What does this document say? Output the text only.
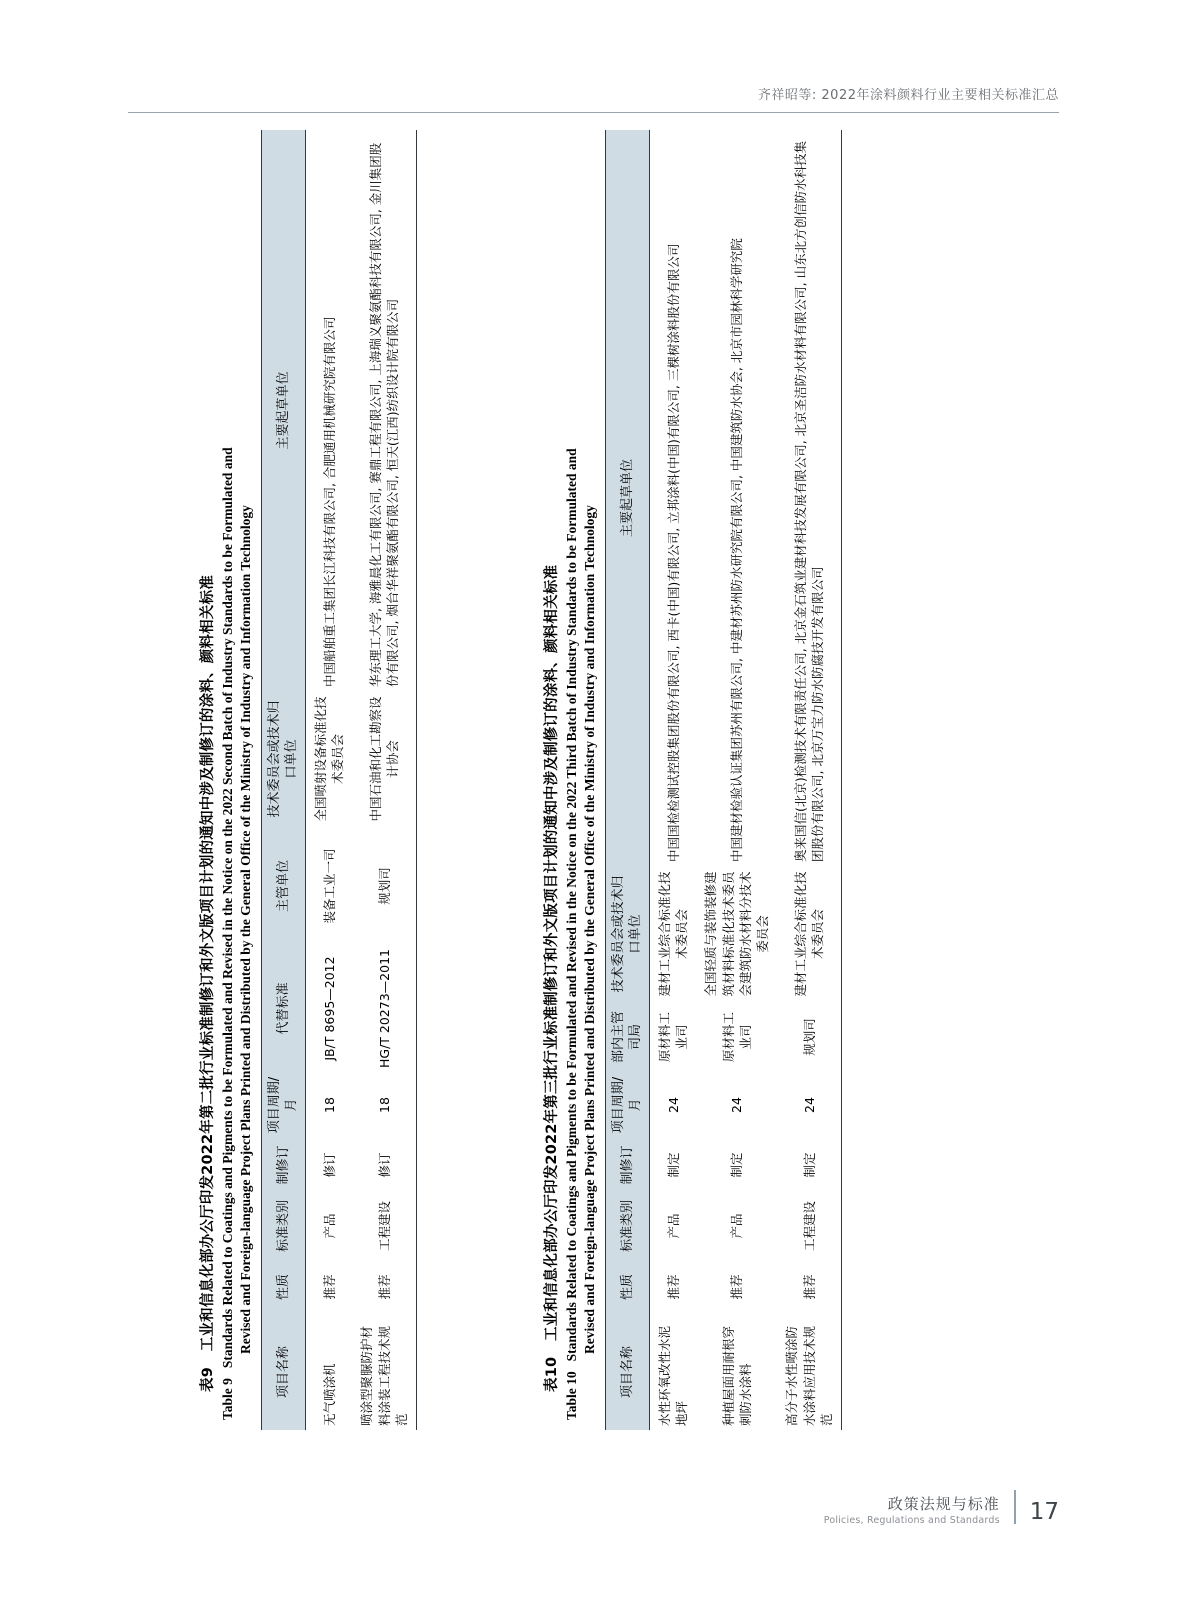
齐祥昭等: 2022年涂料颜料行业主要相关标准汇总
表9   工业和信息化部办公厅印发2022年第二批行业标准制修订和外文版项目计划的通知中涉及制修订的涂料、颜料相关标准
Table 9Standards Related to Coatings and Pigments to be Formulated and Revised in the Notice on the 2022 Second Batch of Industry Standards to be Formulated and Revised and Foreign-language Project Plans Printed and Distributed by the General Office of the Ministry of Industry and Information Technology
项目名称	性质	标准类别	制修订	项目周期/月	代替标准	主管单位	技术委员会或技术归口单位	主要起草单位
无气喷涂机	推荐	产品	修订	18	JB/T 8695—2012	装备工业一司	全国喷射设备标准化技术委员会	中国船舶重工集团长江科技有限公司, 合肥通用机械研究院有限公司
喷涂型聚脲防护材料涂装工程技术规范	推荐	工程建设	修订	18	HG/T 20273—2011	规划司	中国石油和化工勘察设计协会	华东理工大学, 海雅晨化工有限公司, 赛鼎工程有限公司, 上海瑞义聚氨酯科技有限公司, 金川集团股份有限公司, 烟台华祥聚氨酯有限公司, 恒天(江西)纺织设计院有限公司
表10   工业和信息化部办公厅印发2022年第三批行业标准制修订和外文版项目计划的通知中涉及制修订的涂料、颜料相关标准
Table 10Standards Related to Coatings and Pigments to be Formulated and Revised in the Notice on the 2022 Third Batch of Industry Standards to be Formulated and Revised and Foreign-language Project Plans Printed and Distributed by the General Office of the Ministry of Industry and Information Technology
项目名称	性质	标准类别	制修订	项目周期/月	部内主管司局	技术委员会或技术归口单位	主要起草单位
水性环氧改性水泥地坪	推荐	产品	制定	24	原材料工业司	建材工业综合标准化技术委员会	中国国检检测试控股集团股份有限公司, 西卡(中国)有限公司, 立邦涂料(中国)有限公司, 三棵树涂料股份有限公司
种植屋面用耐根穿刺防水涂料	推荐	产品	制定	24	原材料工业司	全国轻质与装饰装修建筑材料标准化技术委员会建筑防水材料分技术委员会	中国建材检验认证集团苏州有限公司, 中建材苏州防水研究院有限公司, 中国建筑防水协会, 北京市园林科学研究院
高分子水性喷涂防水涂料应用技术规范	推荐	工程建设	制定	24	规划司	建材工业综合标准化技术委员会	奥来国信(北京)检测技术有限责任公司, 北京金石筑业建材科技发展有限公司, 北京圣洁防水材料有限公司, 山东北方创信防水科技集团股份有限公司, 北京万宝力防水防腐技开发有限公司
政策法规与标准
Policies, Regulations and Standards 17
